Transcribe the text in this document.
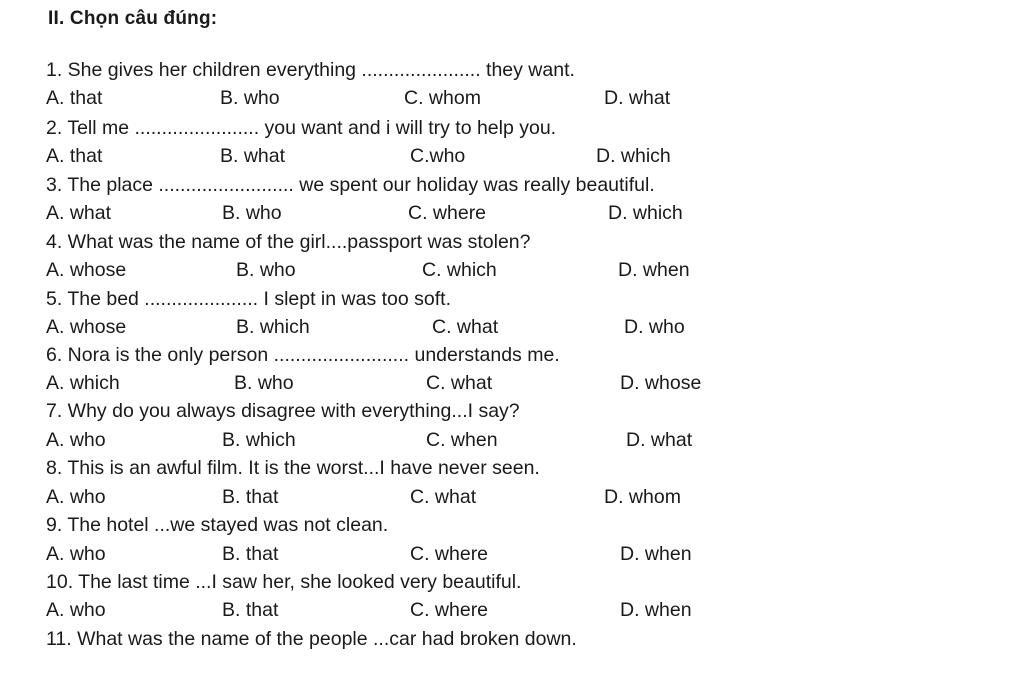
II. Chọn câu đúng:
1. She gives her children everything ...................... they want.
A. that	B. who	C. whom	D. what
2. Tell me ....................... you want and i will try to help you.
A. that	B. what	C.who	D. which
3. The place ......................... we spent our holiday was really beautiful.
A. what	B. who	C. where	D. which
4. What was the name of the girl....passport was stolen?
A. whose	B. who	C. which	D. when
5. The bed ..................... I slept in was too soft.
A. whose	B. which	C. what	D. who
6. Nora is the only person ......................... understands me.
A. which	B. who	C. what	D. whose
7. Why do you always disagree with everything...I say?
A. who	B. which	C. when	D. what
8. This is an awful film. It is the worst...I have never seen.
A. who	B. that	C. what	D. whom
9. The hotel ...we stayed was not clean.
A. who	B. that	C. where	D. when
10. The last time ...I saw her, she looked very beautiful.
A. who	B. that	C. where	D. when
11. What was the name of the people ...car had broken down.
